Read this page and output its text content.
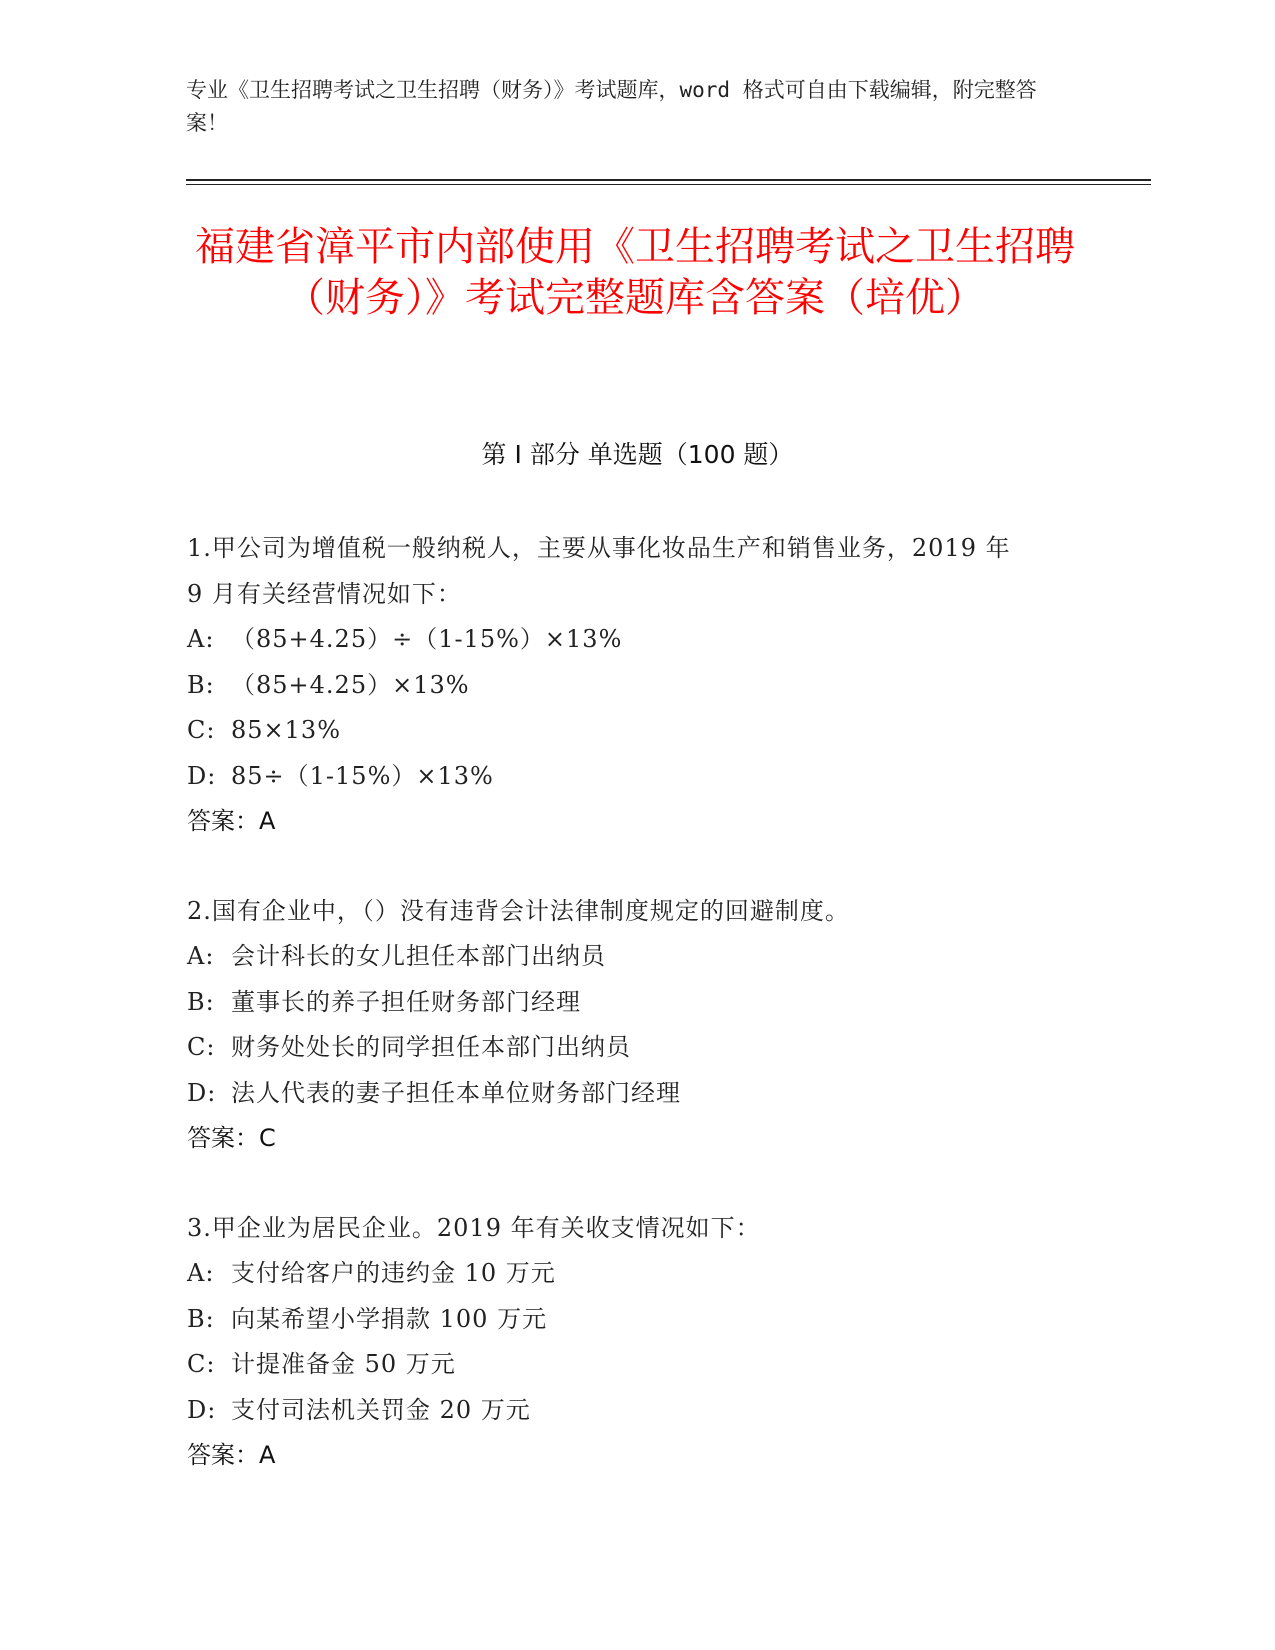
专业《卫生招聘考试之卫生招聘（财务）》考试题库，word 格式可自由下载编辑，附完整答案！
福建省漳平市内部使用《卫生招聘考试之卫生招聘（财务）》考试完整题库含答案（培优）
第 I 部分 单选题（100 题）
1.甲公司为增值税一般纳税人，主要从事化妆品生产和销售业务，2019 年 9 月有关经营情况如下：
A: （85+4.25）÷（1-15%）×13%
B: （85+4.25）×13%
C: 85×13%
D: 85÷（1-15%）×13%
答案：A
2.国有企业中，（）没有违背会计法律制度规定的回避制度。
A: 会计科长的女儿担任本部门出纳员
B: 董事长的养子担任财务部门经理
C: 财务处处长的同学担任本部门出纳员
D: 法人代表的妻子担任本单位财务部门经理
答案：C
3.甲企业为居民企业。2019 年有关收支情况如下：
A: 支付给客户的违约金 10 万元
B: 向某希望小学捐款 100 万元
C: 计提准备金 50 万元
D: 支付司法机关罚金 20 万元
答案：A
